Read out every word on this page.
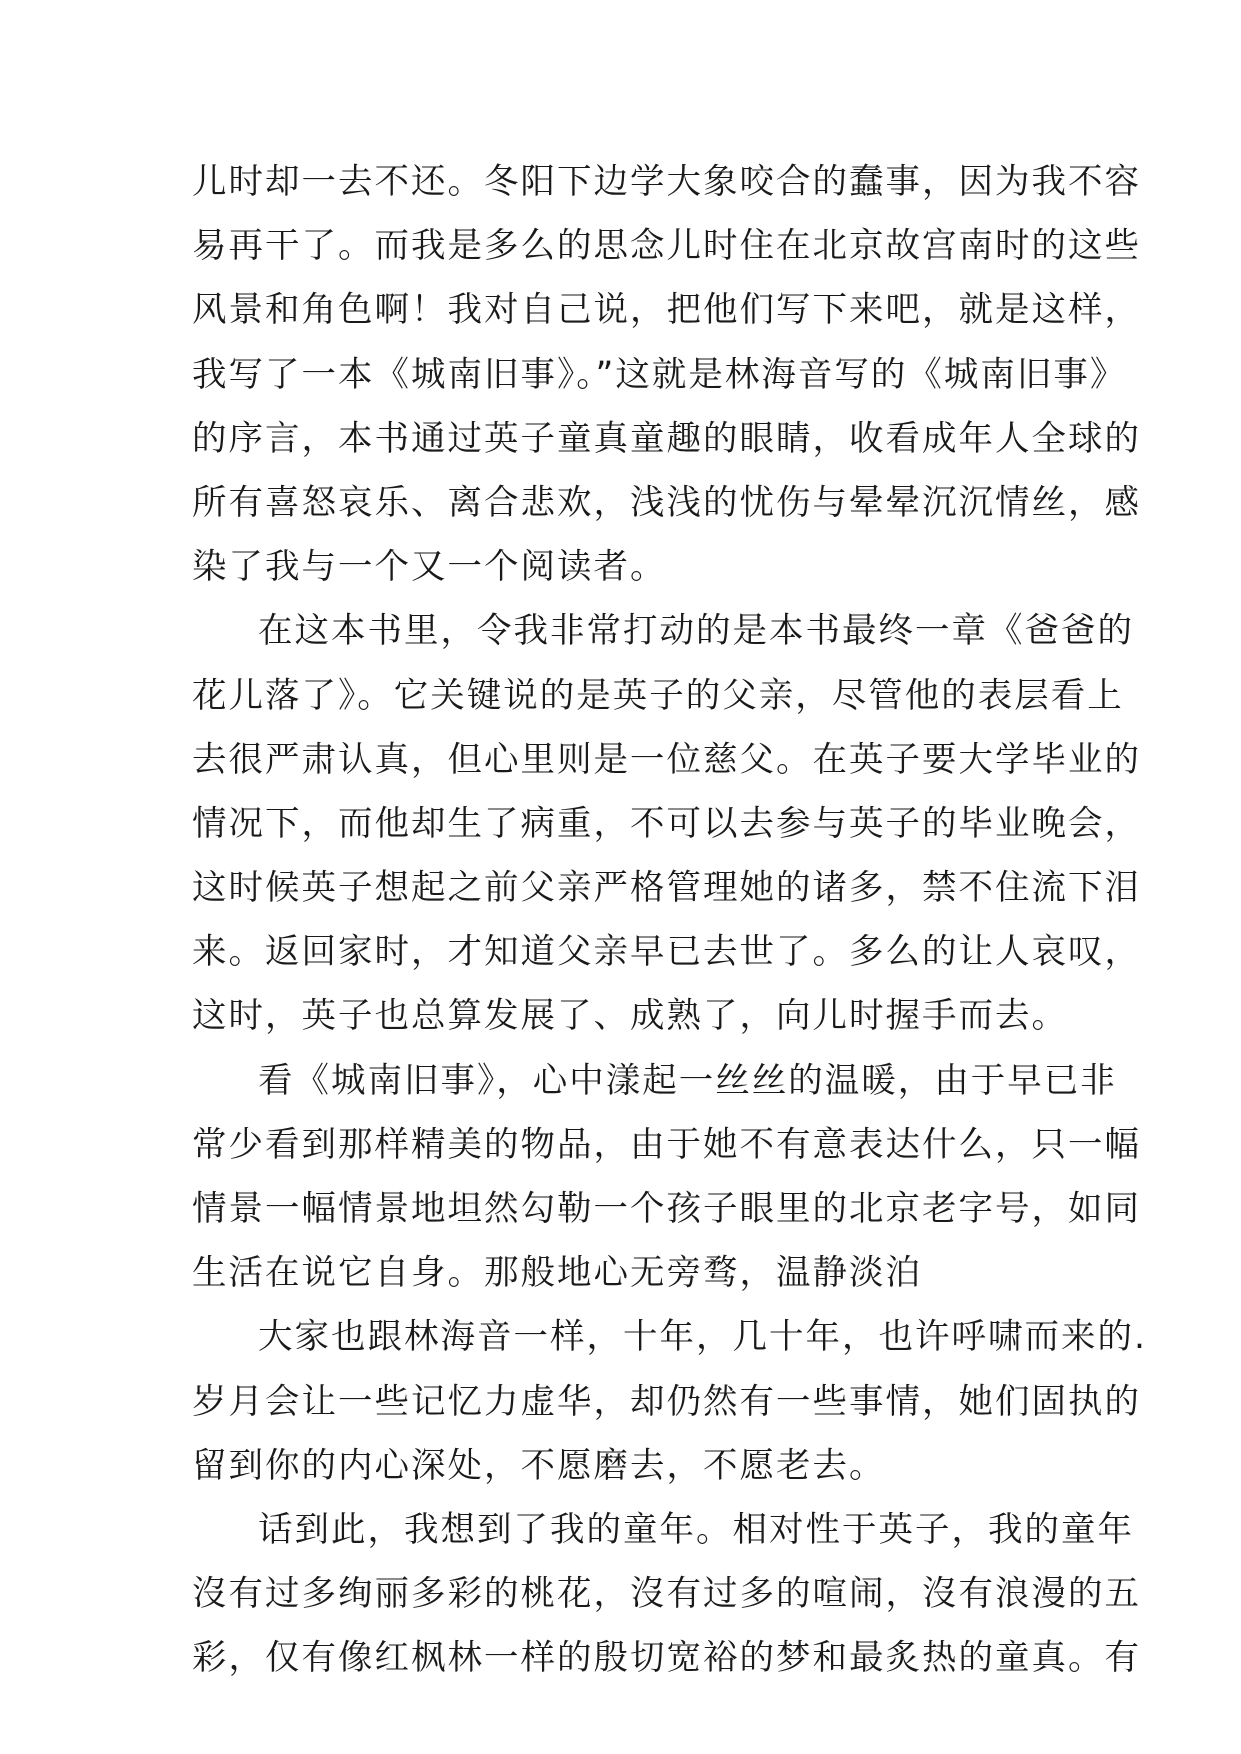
儿时却一去不还。冬阳下边学大象咬合的蠢事，因为我不容
易再干了。而我是多么的思念儿时住在北京故宫南时的这些
风景和角色啊！我对自己说，把他们写下来吧，就是这样，
我写了一本《城南旧事》。”这就是林海音写的《城南旧事》
的序言，本书通过英子童真童趣的眼睛，收看成年人全球的
所有喜怒哀乐、离合悲欢，浅浅的忧伤与晕晕沉沉情丝，感
染了我与一个又一个阅读者。
在这本书里，令我非常打动的是本书最终一章《爸爸的
花儿落了》。它关键说的是英子的父亲，尽管他的表层看上
去很严肃认真，但心里则是一位慈父。在英子要大学毕业的
情况下，而他却生了病重，不可以去参与英子的毕业晚会，
这时候英子想起之前父亲严格管理她的诸多，禁不住流下泪
来。返回家时，才知道父亲早已去世了。多么的让人哀叹，
这时，英子也总算发展了、成熟了，向儿时握手而去。
看《城南旧事》，心中漾起一丝丝的温暖，由于早已非
常少看到那样精美的物品，由于她不有意表达什么，只一幅
情景一幅情景地坦然勾勒一个孩子眼里的北京老字号，如同
生活在说它自身。那般地心无旁骛，温静淡泊
大家也跟林海音一样，十年，几十年，也许呼啸而来的.
岁月会让一些记忆力虚华，却仍然有一些事情，她们固执的
留到你的内心深处，不愿磨去，不愿老去。
话到此，我想到了我的童年。相对性于英子，我的童年
沒有过多绚丽多彩的桃花，沒有过多的喧闹，沒有浪漫的五
彩，仅有像红枫林一样的殷切宽裕的梦和最炙热的童真。有
